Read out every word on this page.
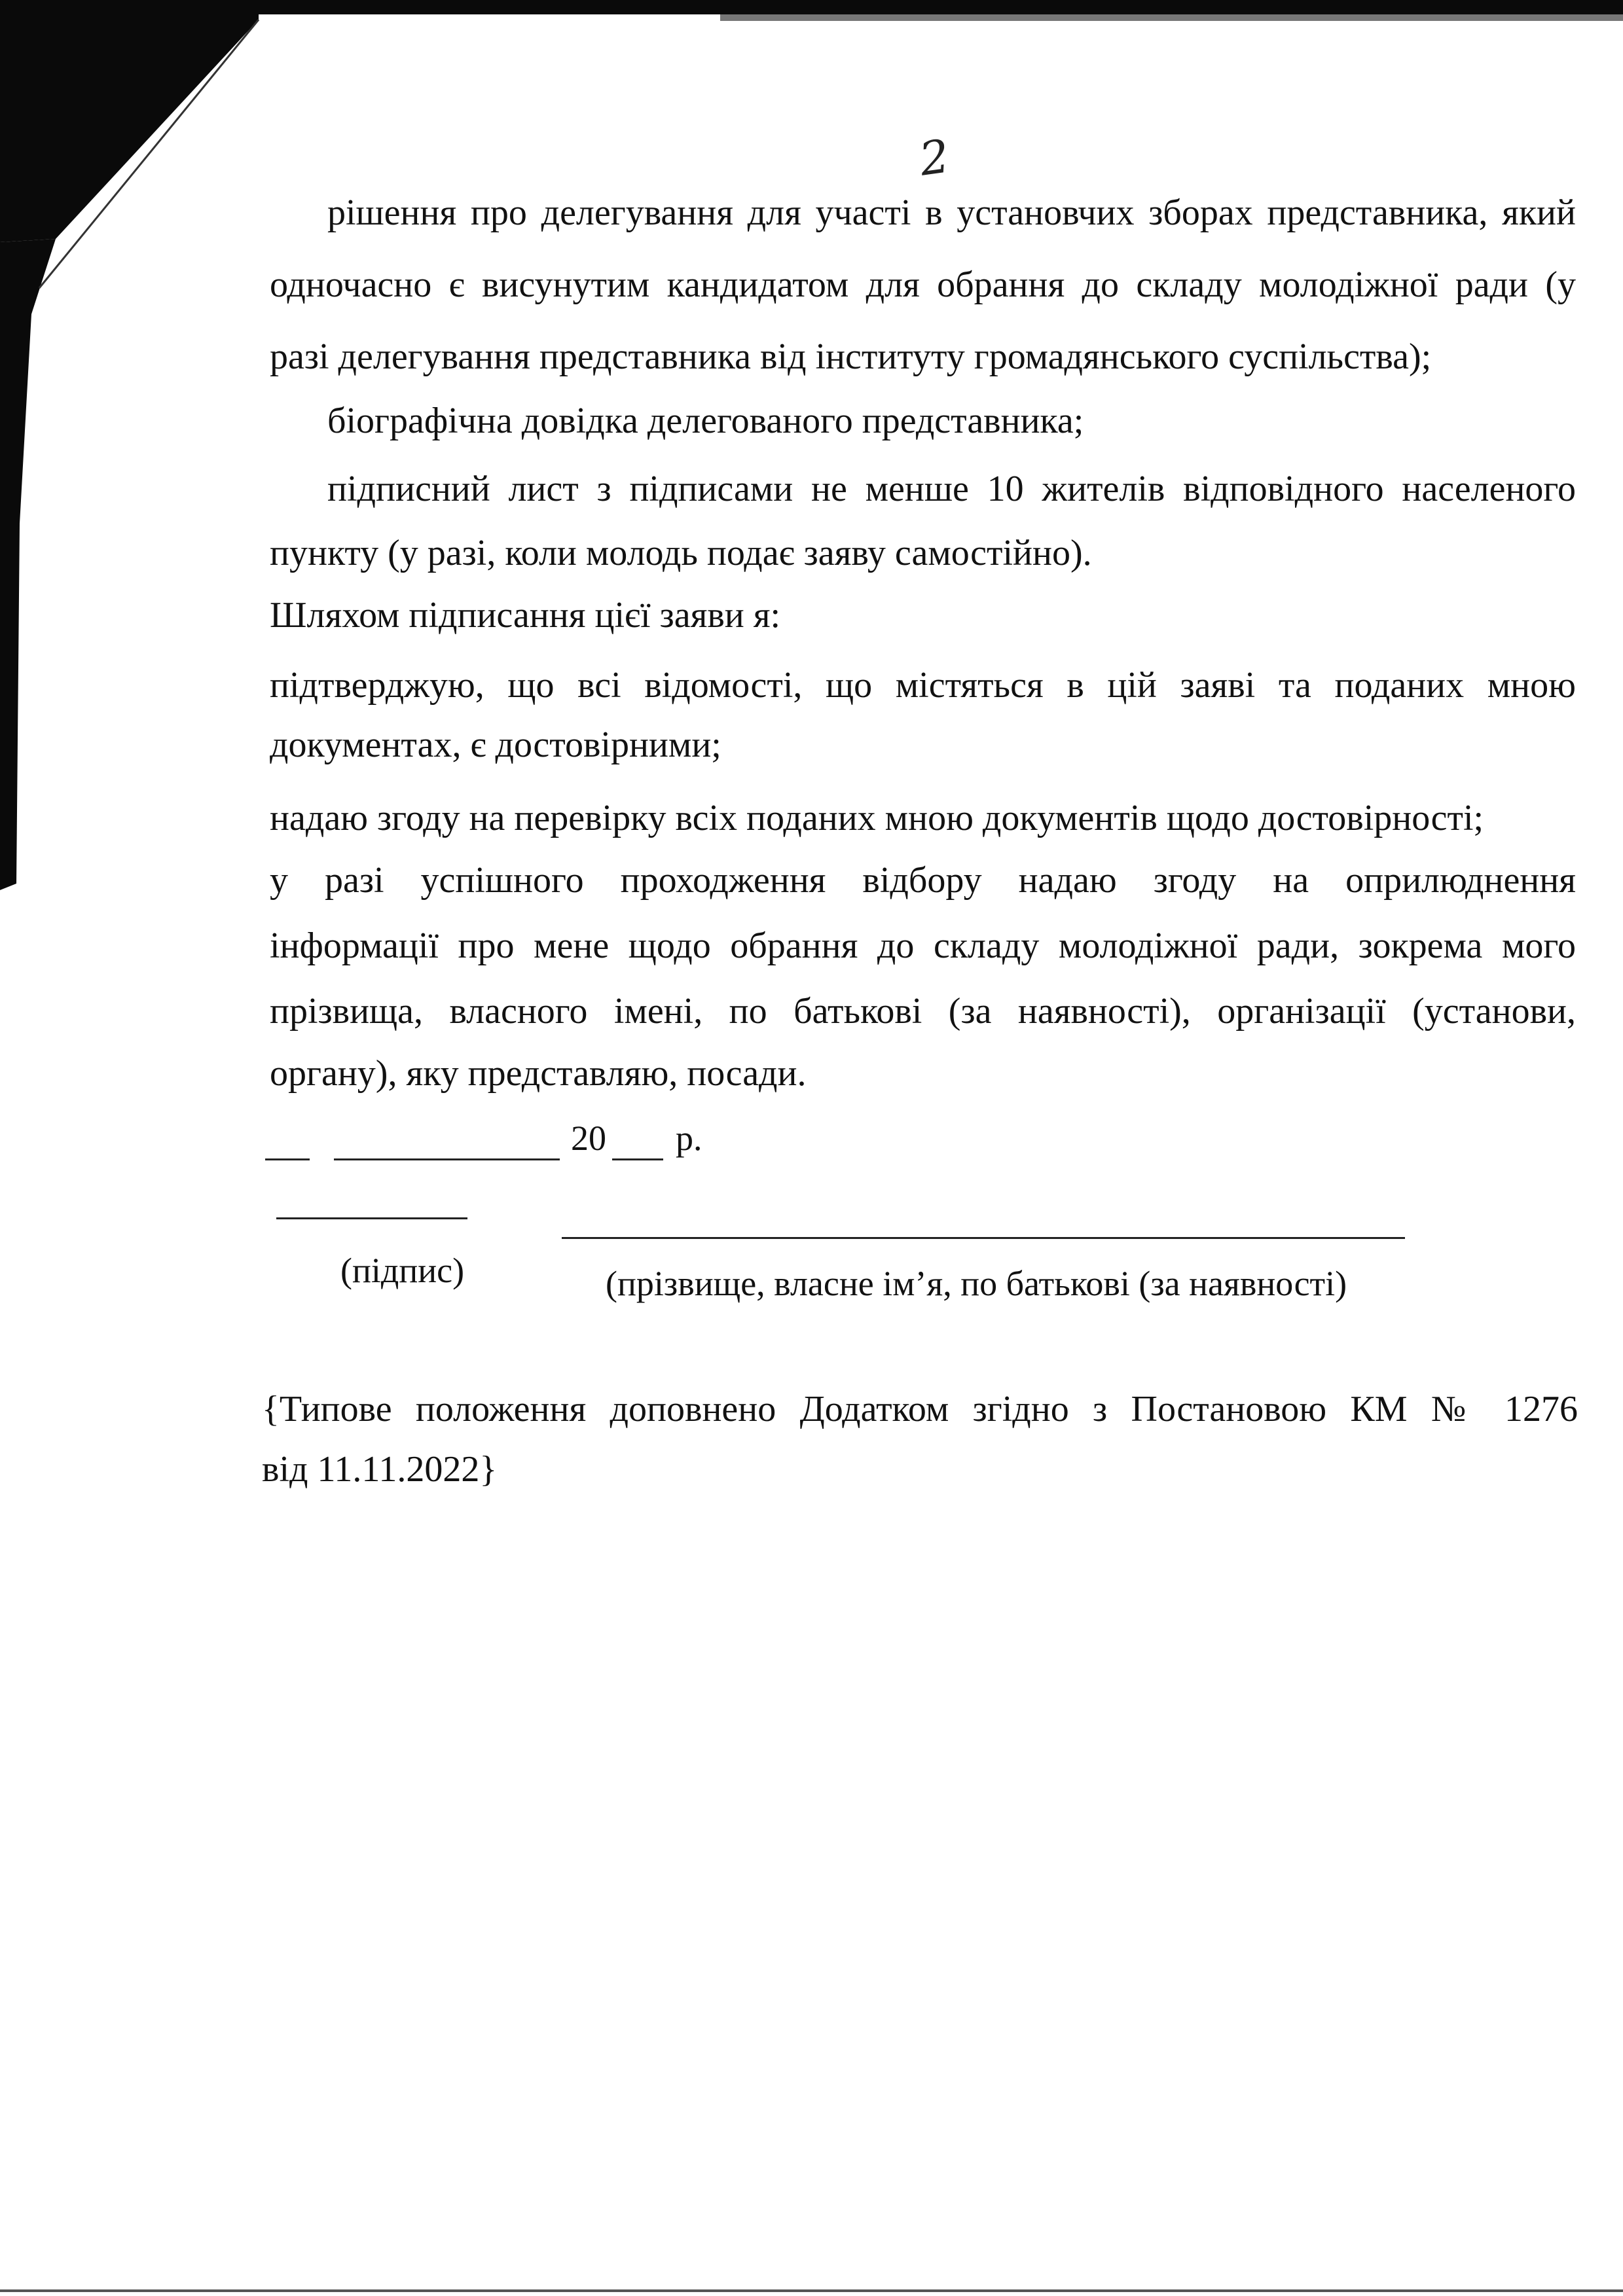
2
рішення про делегування для участі в установчих зборах представника, який
одночасно є висунутим кандидатом для обрання до складу молодіжної ради (у
разі делегування представника від інституту громадянського суспільства);
біографічна довідка делегованого представника;
підписний лист з підписами не менше 10 жителів відповідного населеного
пункту (у разі, коли молодь подає заяву самостійно).
Шляхом підписання цієї заяви я:
підтверджую, що всі відомості, що містяться в цій заяві та поданих мною
документах, є достовірними;
надаю згоду на перевірку всіх поданих мною документів щодо достовірності;
у разі успішного проходження відбору надаю згоду на оприлюднення
інформації про мене щодо обрання до складу молодіжної ради, зокрема мого
прізвища, власного імені, по батькові (за наявності), організації (установи,
органу), яку представляю, посади.
20 р.
(підпис)	(прізвище, власне ім’я, по батькові (за наявності)
{Типове положення доповнено Додатком згідно з Постановою КМ № 1276
від 11.11.2022}
